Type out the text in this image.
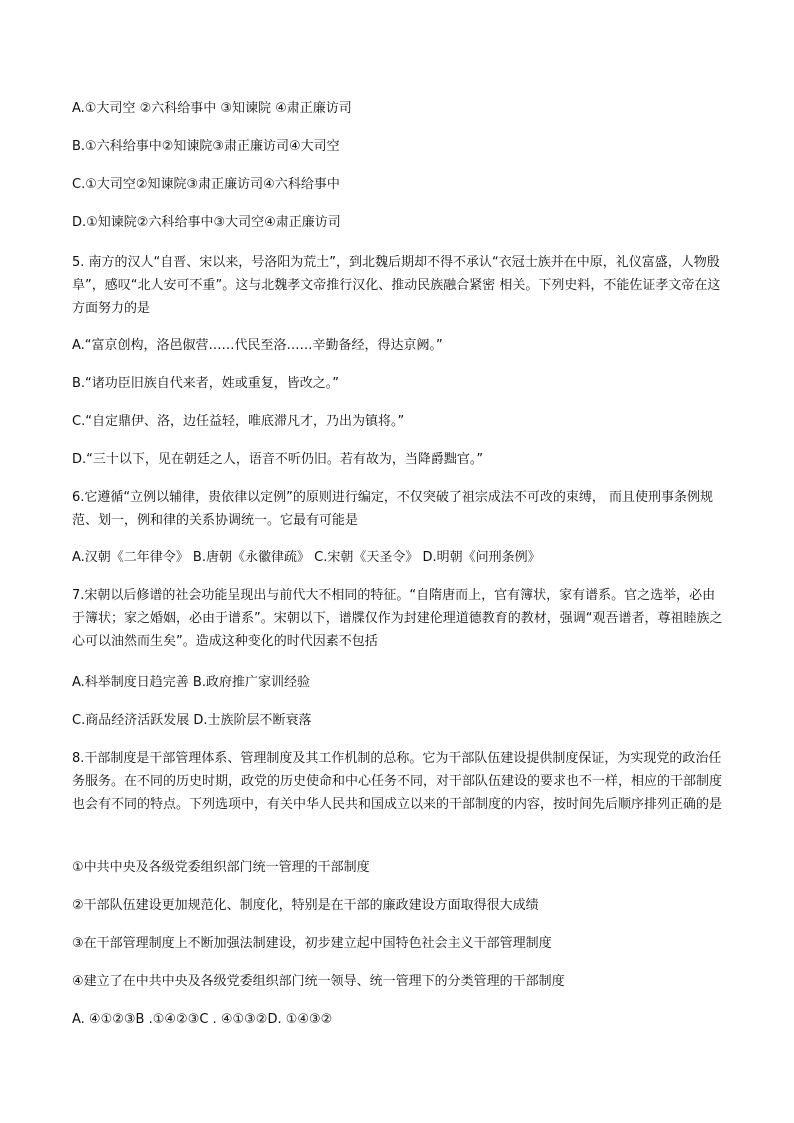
A.①大司空 ②六科给事中 ③知谏院 ④肃正廉访司
B.①六科给事中②知谏院③肃正廉访司④大司空
C.①大司空②知谏院③肃正廉访司④六科给事中
D.①知谏院②六科给事中③大司空④肃正廉访司
5. 南方的汉人“自晋、宋以来，号洛阳为荒土”，到北魏后期却不得不承认“衣冠士族并在中原，礼仪富盛，人物殷阜”，感叹“北人安可不重”。这与北魏孝文帝推行汉化、推动民族融合紧密 相关。下列史料，不能佐证孝文帝在这方面努力的是
A.“富京创构，洛邑俶营……代民至洛……辛勤备经，得达京阙。”
B.“诸功臣旧族自代来者，姓或重复，皆改之。”
C.“自定鼎伊、洛，边任益轻，唯底滞凡才，乃出为镇将。”
D.“三十以下，见在朝廷之人，语音不听仍旧。若有故为，当降爵黜官。”
6.它遵循“立例以辅律，贵依律以定例”的原则进行编定，不仅突破了祖宗成法不可改的束缚， 而且使刑事条例规范、划一，例和律的关系协调统一。它最有可能是
A.汉朝《二年律令》 B.唐朝《永徽律疏》 C.宋朝《天圣令》 D.明朝《问刑条例》
7.宋朝以后修谱的社会功能呈现出与前代大不相同的特征。“自隋唐而上，官有簿状，家有谱系。官之选举，必由于簿状；家之婚姻，必由于谱系”。宋朝以下，谱牒仅作为封建伦理道德教育的教材，强调“观吾谱者，尊祖睦族之心可以油然而生矣”。造成这种变化的时代因素不包括
A.科举制度日趋完善 B.政府推广家训经验
C.商品经济活跃发展 D.士族阶层不断衰落
8.干部制度是干部管理体系、管理制度及其工作机制的总称。它为干部队伍建设提供制度保证，为实现党的政治任务服务。在不同的历史时期，政党的历史使命和中心任务不同，对干部队伍建设的要求也不一样，相应的干部制度也会有不同的特点。下列选项中，有关中华人民共和国成立以来的干部制度的内容，按时间先后顺序排列正确的是
①中共中央及各级党委组织部门统一管理的干部制度
②干部队伍建设更加规范化、制度化，特别是在干部的廉政建设方面取得很大成绩
③在干部管理制度上不断加强法制建设，初步建立起中国特色社会主义干部管理制度
④建立了在中共中央及各级党委组织部门统一领导、统一管理下的分类管理的干部制度
A. ④①②③B .①④②③C . ④①③②D. ①④③②
